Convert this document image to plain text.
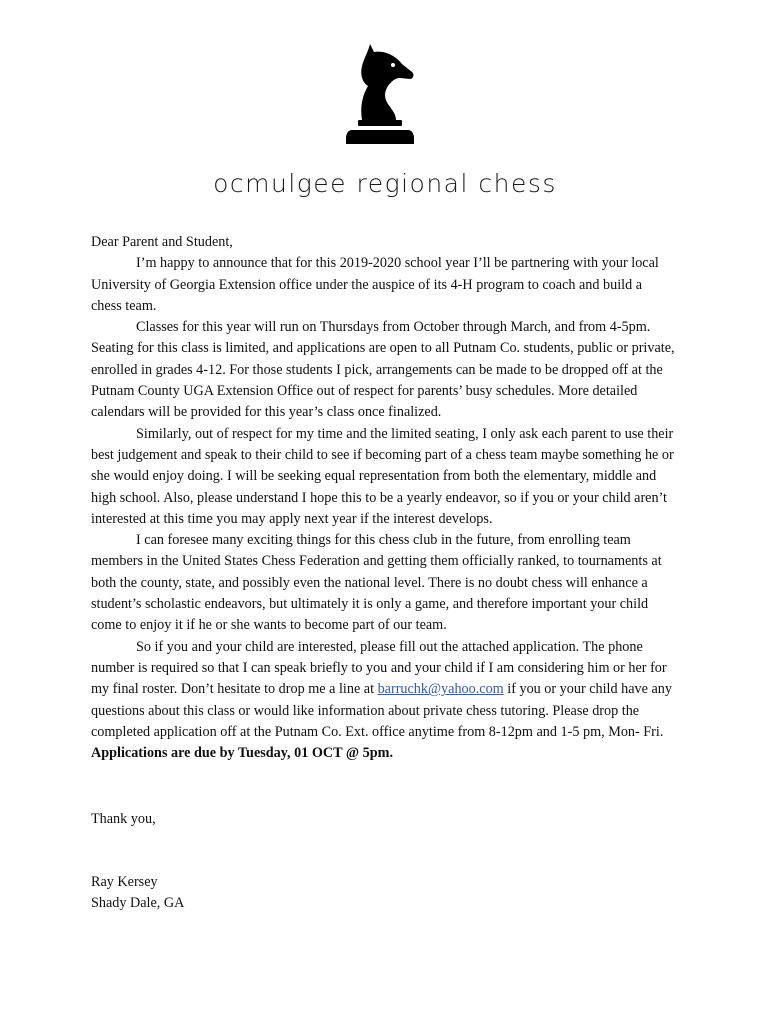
ocmulgee regional chess

Dear Parent and Student,

I’m happy to announce that for this 2019-2020 school year I’ll be partnering with your local University of Georgia Extension office under the auspice of its 4-H program to coach and build a chess team.

Classes for this year will run on Thursdays from October through March, and from 4-5pm. Seating for this class is limited, and applications are open to all Putnam Co. students, public or private, enrolled in grades 4-12. For those students I pick, arrangements can be made to be dropped off at the Putnam County UGA Extension Office out of respect for parents’ busy schedules. More detailed calendars will be provided for this year’s class once finalized.

Similarly, out of respect for my time and the limited seating, I only ask each parent to use their best judgement and speak to their child to see if becoming part of a chess team maybe something he or she would enjoy doing. I will be seeking equal representation from both the elementary, middle and high school. Also, please understand I hope this to be a yearly endeavor, so if you or your child aren’t interested at this time you may apply next year if the interest develops.

I can foresee many exciting things for this chess club in the future, from enrolling team members in the United States Chess Federation and getting them officially ranked, to tournaments at both the county, state, and possibly even the national level. There is no doubt chess will enhance a student’s scholastic endeavors, but ultimately it is only a game, and therefore important your child come to enjoy it if he or she wants to become part of our team.

So if you and your child are interested, please fill out the attached application. The phone number is required so that I can speak briefly to you and your child if I am considering him or her for my final roster. Don’t hesitate to drop me a line at barruchk@yahoo.com if you or your child have any questions about this class or would like information about private chess tutoring. Please drop the completed application off at the Putnam Co. Ext. office anytime from 8-12pm and 1-5 pm, Mon- Fri. Applications are due by Tuesday, 01 OCT @ 5pm.

Thank you,

Ray Kersey

Shady Dale, GA
